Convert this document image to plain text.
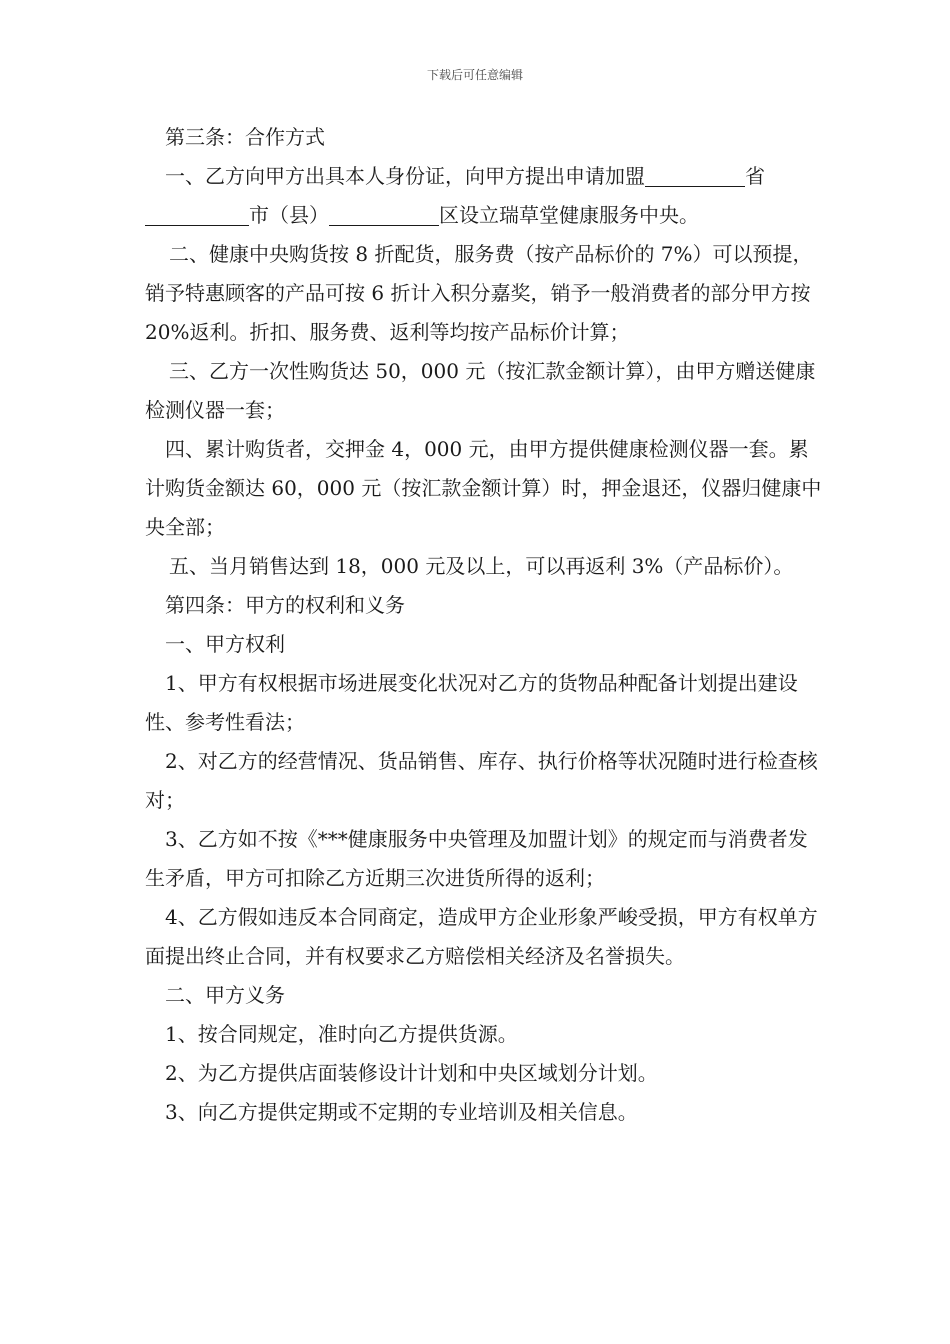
下载后可任意编辑

第三条：合作方式

一、乙方向甲方出具本人身份证，向甲方提出申请加盟	省市（县）	区设立瑞草堂健康服务中央。

二、健康中央购货按 8 折配货，服务费（按产品标价的 7%）可以预提，销予特惠顾客的产品可按 6 折计入积分嘉奖，销予一般消费者的部分甲方按 20%返利。折扣、服务费、返利等均按产品标价计算；

三、乙方一次性购货达 50，000 元（按汇款金额计算），由甲方赠送健康检测仪器一套；

四、累计购货者，交押金 4，000 元，由甲方提供健康检测仪器一套。累计购货金额达 60，000 元（按汇款金额计算）时，押金退还，仪器归健康中央全部；

五、当月销售达到 18，000 元及以上，可以再返利 3%（产品标价）。

第四条：甲方的权利和义务

一、甲方权利

1、甲方有权根据市场进展变化状况对乙方的货物品种配备计划提出建设性、参考性看法；

2、对乙方的经营情况、货品销售、库存、执行价格等状况随时进行检查核对；

3、乙方如不按《***健康服务中央管理及加盟计划》的规定而与消费者发生矛盾，甲方可扣除乙方近期三次进货所得的返利；

4、乙方假如违反本合同商定，造成甲方企业形象严峻受损，甲方有权单方面提出终止合同，并有权要求乙方赔偿相关经济及名誉损失。

二、甲方义务

1、按合同规定，准时向乙方提供货源。

2、为乙方提供店面装修设计计划和中央区域划分计划。

3、向乙方提供定期或不定期的专业培训及相关信息。
